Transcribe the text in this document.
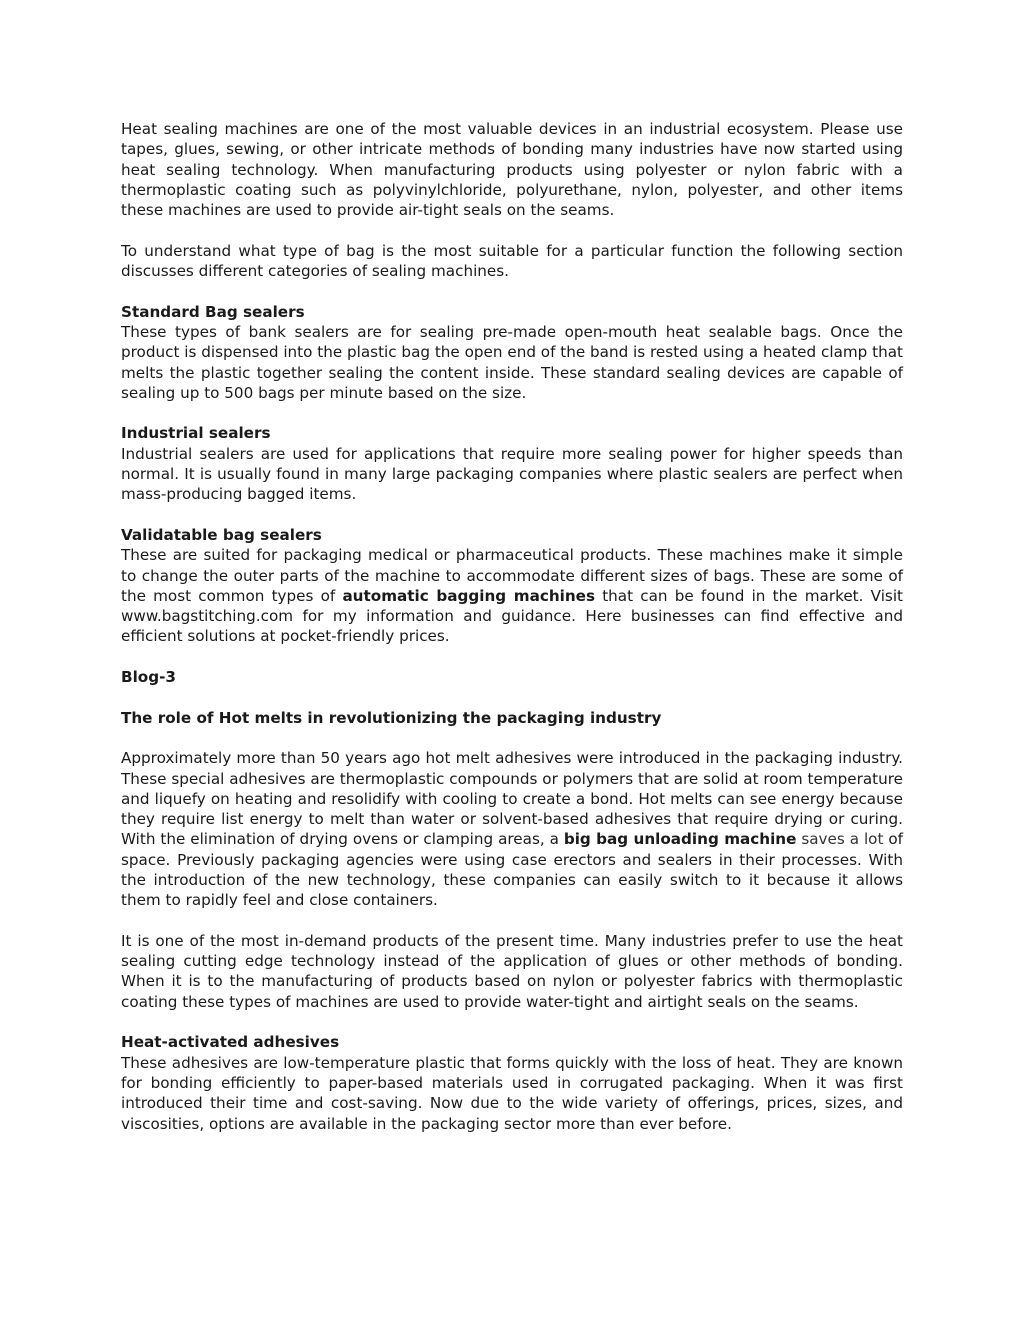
Heat sealing machines are one of the most valuable devices in an industrial ecosystem. Please use tapes, glues, sewing, or other intricate methods of bonding many industries have now started using heat sealing technology. When manufacturing products using polyester or nylon fabric with a thermoplastic coating such as polyvinylchloride, polyurethane, nylon, polyester, and other items these machines are used to provide air-tight seals on the seams.

To understand what type of bag is the most suitable for a particular function the following section discusses different categories of sealing machines.

Standard Bag sealers

These types of bank sealers are for sealing pre-made open-mouth heat sealable bags. Once the product is dispensed into the plastic bag the open end of the band is rested using a heated clamp that melts the plastic together sealing the content inside. These standard sealing devices are capable of sealing up to 500 bags per minute based on the size.

Industrial sealers

Industrial sealers are used for applications that require more sealing power for higher speeds than normal. It is usually found in many large packaging companies where plastic sealers are perfect when mass-producing bagged items.

Validatable bag sealers

These are suited for packaging medical or pharmaceutical products. These machines make it simple to change the outer parts of the machine to accommodate different sizes of bags. These are some of the most common types of automatic bagging machines that can be found in the market. Visit www.bagstitching.com for my information and guidance. Here businesses can find effective and efficient solutions at pocket-friendly prices.

Blog-3

The role of Hot melts in revolutionizing the packaging industry

Approximately more than 50 years ago hot melt adhesives were introduced in the packaging industry. These special adhesives are thermoplastic compounds or polymers that are solid at room temperature and liquefy on heating and resolidify with cooling to create a bond. Hot melts can see energy because they require list energy to melt than water or solvent-based adhesives that require drying or curing. With the elimination of drying ovens or clamping areas, a big bag unloading machine saves a lot of space. Previously packaging agencies were using case erectors and sealers in their processes. With the introduction of the new technology, these companies can easily switch to it because it allows them to rapidly feel and close containers.

It is one of the most in-demand products of the present time. Many industries prefer to use the heat sealing cutting edge technology instead of the application of glues or other methods of bonding. When it is to the manufacturing of products based on nylon or polyester fabrics with thermoplastic coating these types of machines are used to provide water-tight and airtight seals on the seams.

Heat-activated adhesives

These adhesives are low-temperature plastic that forms quickly with the loss of heat. They are known for bonding efficiently to paper-based materials used in corrugated packaging. When it was first introduced their time and cost-saving. Now due to the wide variety of offerings, prices, sizes, and viscosities, options are available in the packaging sector more than ever before.
